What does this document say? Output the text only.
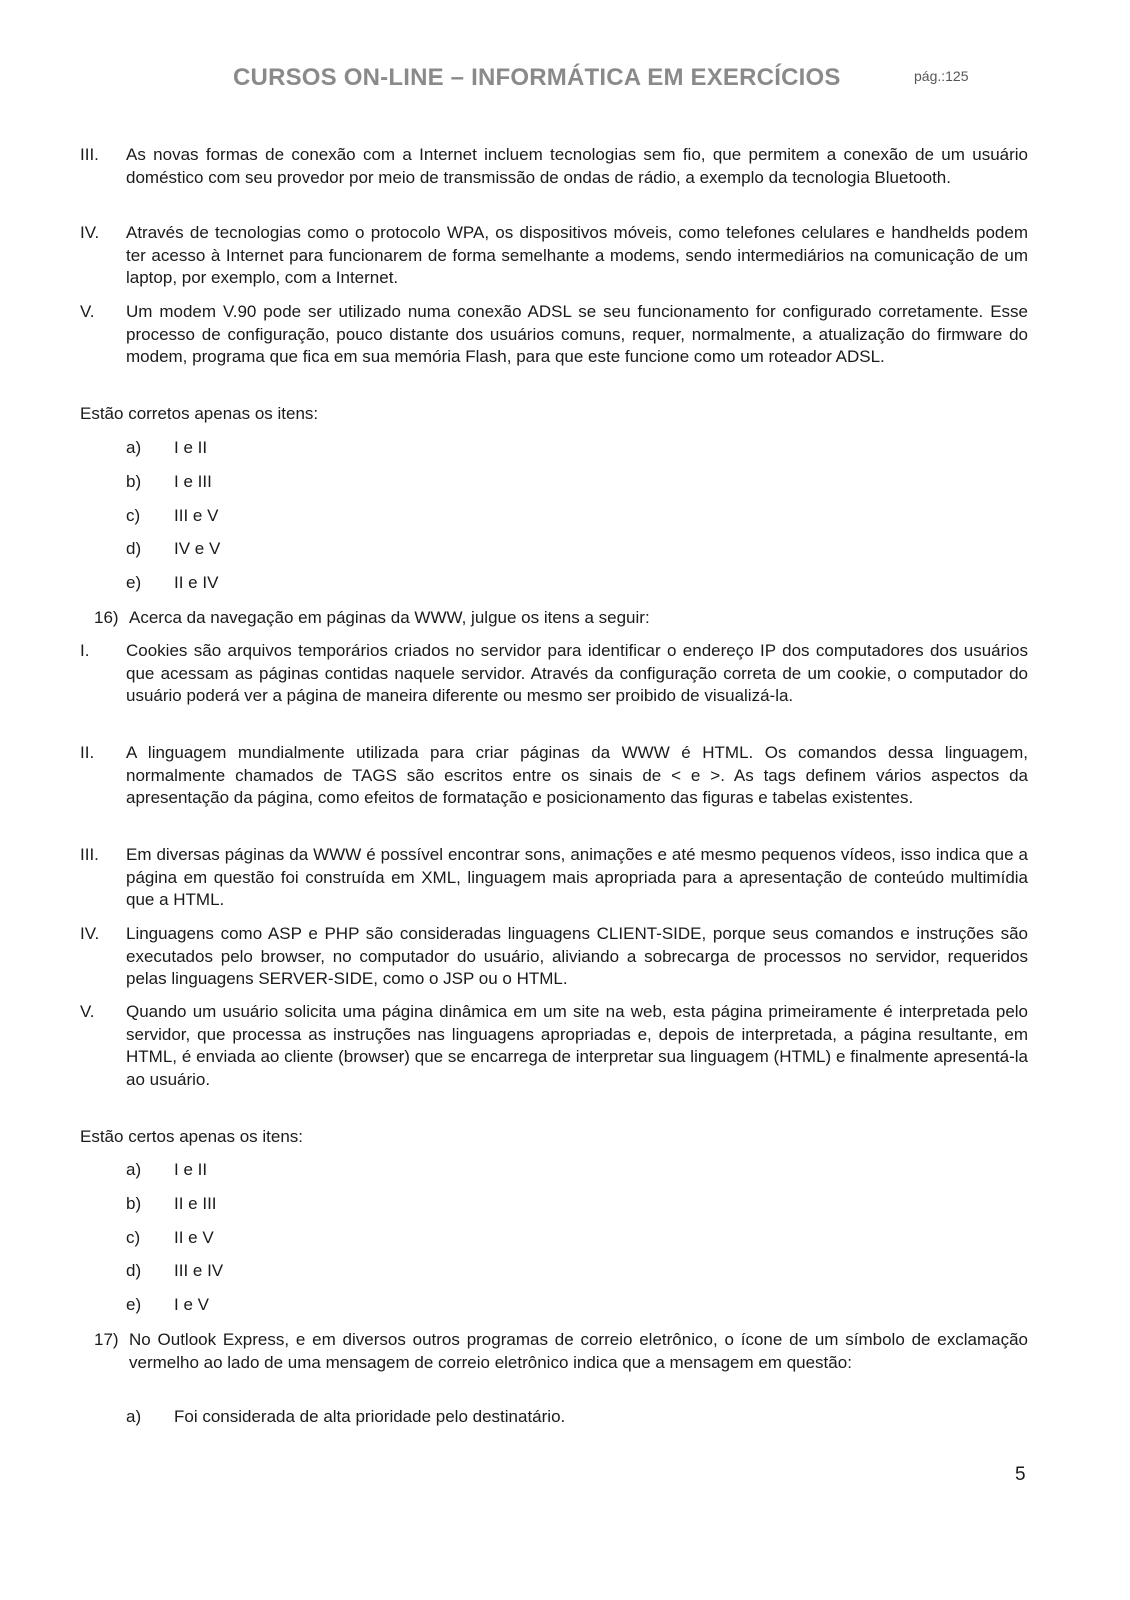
CURSOS ON-LINE – INFORMÁTICA EM EXERCÍCIOS	pág.:125
III.	As novas formas de conexão com a Internet incluem tecnologias sem fio, que permitem a conexão de um usuário doméstico com seu provedor por meio de transmissão de ondas de rádio, a exemplo da tecnologia Bluetooth.
IV.	Através de tecnologias como o protocolo WPA, os dispositivos móveis, como telefones celulares e handhelds podem ter acesso à Internet para funcionarem de forma semelhante a modems, sendo intermediários na comunicação de um laptop, por exemplo, com a Internet.
V.	Um modem V.90 pode ser utilizado numa conexão ADSL se seu funcionamento for configurado corretamente. Esse processo de configuração, pouco distante dos usuários comuns, requer, normalmente, a atualização do firmware do modem, programa que fica em sua memória Flash, para que este funcione como um roteador ADSL.
Estão corretos apenas os itens:
a)	I e II
b)	I e III
c)	III e V
d)	IV e V
e)	II e IV
16) Acerca da navegação em páginas da WWW, julgue os itens a seguir:
I.	Cookies são arquivos temporários criados no servidor para identificar o endereço IP dos computadores dos usuários que acessam as páginas contidas naquele servidor. Através da configuração correta de um cookie, o computador do usuário poderá ver a página de maneira diferente ou mesmo ser proibido de visualizá-la.
II.	A linguagem mundialmente utilizada para criar páginas da WWW é HTML. Os comandos dessa linguagem, normalmente chamados de TAGS são escritos entre os sinais de < e >. As tags definem vários aspectos da apresentação da página, como efeitos de formatação e posicionamento das figuras e tabelas existentes.
III.	Em diversas páginas da WWW é possível encontrar sons, animações e até mesmo pequenos vídeos, isso indica que a página em questão foi construída em XML, linguagem mais apropriada para a apresentação de conteúdo multimídia que a HTML.
IV.	Linguagens como ASP e PHP são consideradas linguagens CLIENT-SIDE, porque seus comandos e instruções são executados pelo browser, no computador do usuário, aliviando a sobrecarga de processos no servidor, requeridos pelas linguagens SERVER-SIDE, como o JSP ou o HTML.
V.	Quando um usuário solicita uma página dinâmica em um site na web, esta página primeiramente é interpretada pelo servidor, que processa as instruções nas linguagens apropriadas e, depois de interpretada, a página resultante, em HTML, é enviada ao cliente (browser) que se encarrega de interpretar sua linguagem (HTML) e finalmente apresentá-la ao usuário.
Estão certos apenas os itens:
a)	I e II
b)	II e III
c)	II e V
d)	III e IV
e)	I e V
17) No Outlook Express, e em diversos outros programas de correio eletrônico, o ícone de um símbolo de exclamação vermelho ao lado de uma mensagem de correio eletrônico indica que a mensagem em questão:
a)	Foi considerada de alta prioridade pelo destinatário.
5
